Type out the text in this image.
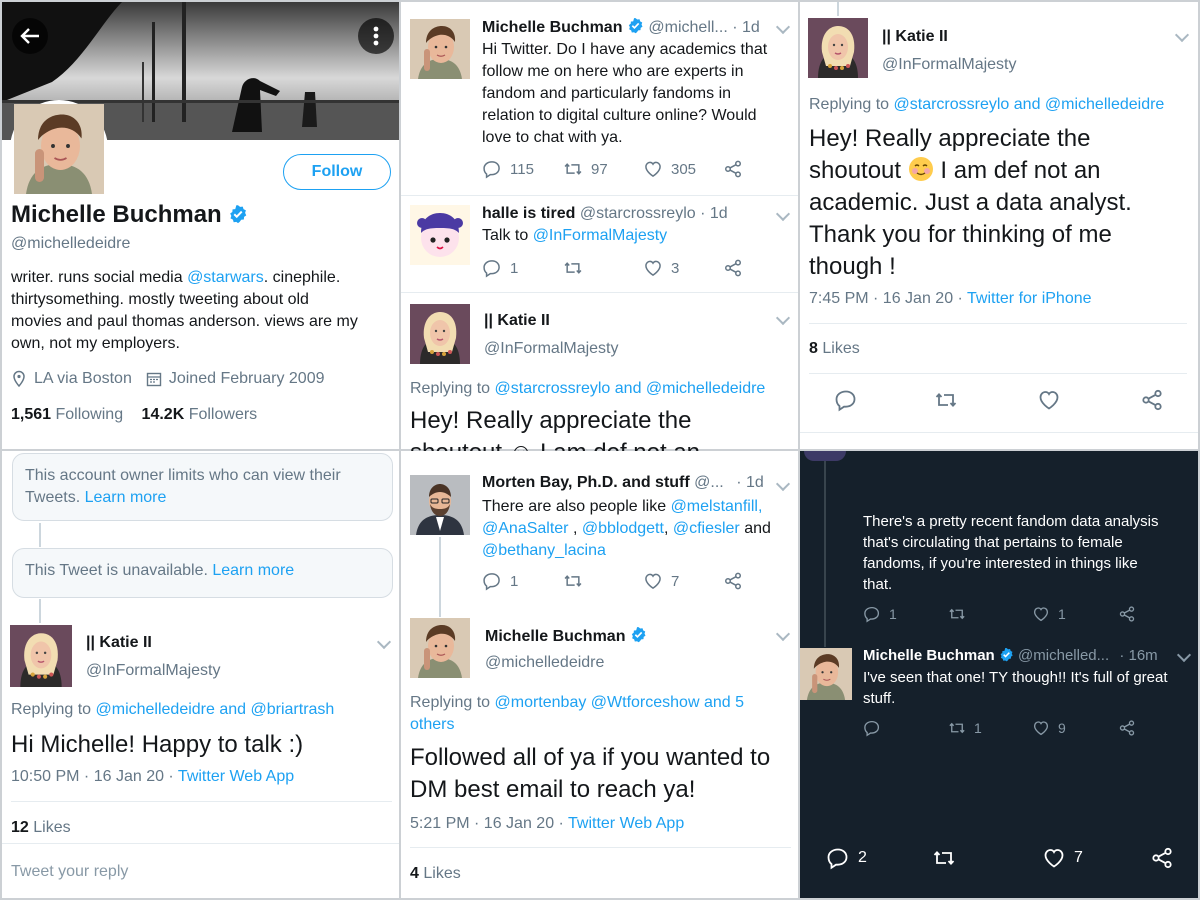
Follow
Michelle Buchman
@michelledeidre
writer. runs social media @starwars. cinephile.
thirtysomething. mostly tweeting about old
movies and paul thomas anderson. views are my
own, not my employers.
LA via Boston Joined February 2009
1,561 Following 14.2K Followers
Michelle Buchman @michell... · 1d
Hi Twitter. Do I have any academics that
follow me on here who are experts in
fandom and particularly fandoms in
relation to digital culture online? Would
love to chat with ya.
115	97	305
halle is tired @starcrossreylo · 1d
Talk to @InFormalMajesty
1	3
|| Katie II
@InFormalMajesty
Replying to @starcrossreylo and @michelledeidre
Hey! Really appreciate the
|| Katie II
@InFormalMajesty
Replying to @starcrossreylo and @michelledeidre
Hey! Really appreciate the
shoutout I am def not an
academic. Just a data analyst.
Thank you for thinking of me
though !
7:45 PM · 16 Jan 20 · Twitter for iPhone
8 Likes
This account owner limits who can view their Tweets. Learn more
This Tweet is unavailable. Learn more
|| Katie II
@InFormalMajesty
Replying to @michelledeidre and @briartrash
Hi Michelle! Happy to talk :)
10:50 PM · 16 Jan 20 · Twitter Web App
12 Likes
Tweet your reply
Morten Bay, Ph.D. and stuff @... · 1d
There are also people like @melstanfill,
@AnaSalter , @bblodgett, @cfiesler and
@bethany_lacina
1	7
Michelle Buchman
@michelledeidre
Replying to @mortenbay @Wtforceshow and 5
others
Followed all of ya if you wanted to
DM best email to reach ya!
5:21 PM · 16 Jan 20 · Twitter Web App
4 Likes
There's a pretty recent fandom data analysis
that's circulating that pertains to female
fandoms, if you're interested in things like
that.
1	1
Michelle Buchman @michelled... · 16m
I've seen that one! TY though!! It's full of great
stuff.
1	9
2	7
